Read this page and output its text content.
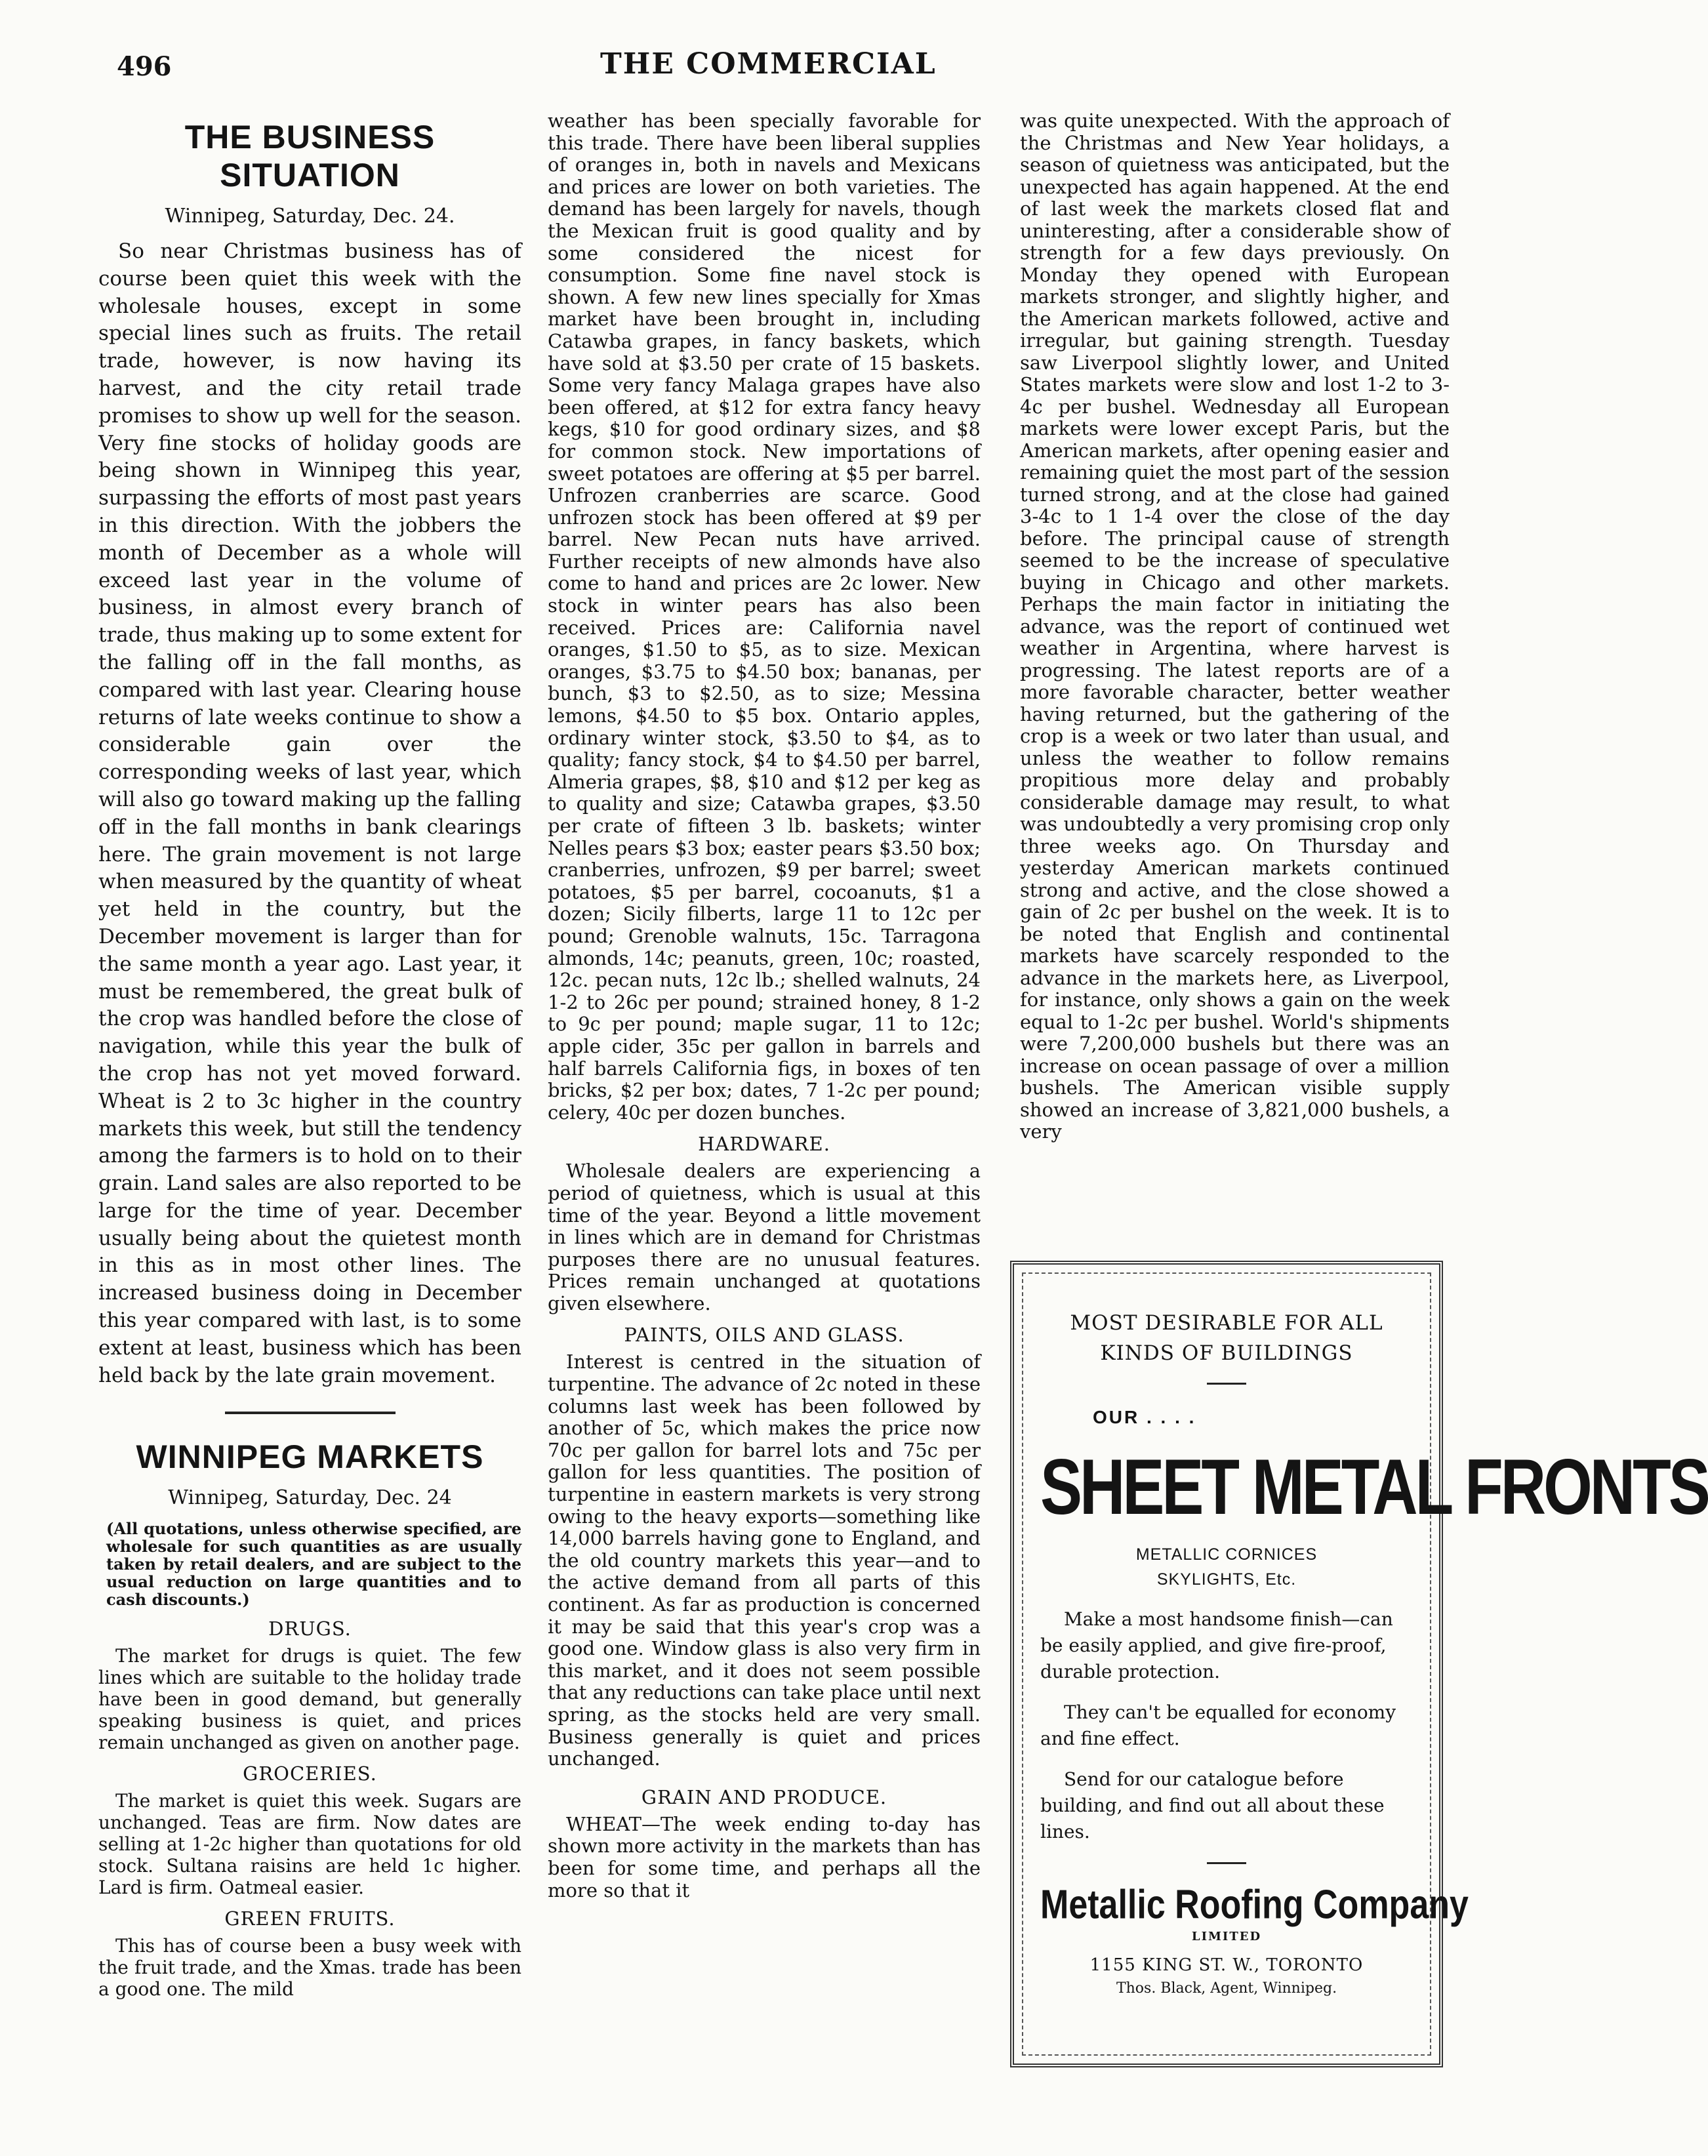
496	THE COMMERCIAL
THE BUSINESS SITUATION

Winnipeg, Saturday, Dec. 24.

So near Christmas business has of course been quiet this week with the wholesale houses, except in some special lines such as fruits. The retail trade, however, is now having its harvest, and the city retail trade promises to show up well for the season. Very fine stocks of holiday goods are being shown in Winnipeg this year, surpassing the efforts of most past years in this direction. With the jobbers the month of December as a whole will exceed last year in the volume of business, in almost every branch of trade, thus making up to some extent for the falling off in the fall months, as compared with last year. Clearing house returns of late weeks continue to show a considerable gain over the corresponding weeks of last year, which will also go toward making up the falling off in the fall months in bank clearings here. The grain movement is not large when measured by the quantity of wheat yet held in the country, but the December movement is larger than for the same month a year ago. Last year, it must be remembered, the great bulk of the crop was handled before the close of navigation, while this year the bulk of the crop has not yet moved forward. Wheat is 2 to 3c higher in the country markets this week, but still the tendency among the farmers is to hold on to their grain. Land sales are also reported to be large for the time of year. December usually being about the quietest month in this as in most other lines. The increased business doing in December this year compared with last, is to some extent at least, business which has been held back by the late grain movement.

WINNIPEG MARKETS

Winnipeg, Saturday, Dec. 24

(All quotations, unless otherwise specified, are wholesale for such quantities as are usually taken by retail dealers, and are subject to the usual reduction on large quantities and to cash discounts.)

DRUGS.

The market for drugs is quiet. The few lines which are suitable to the holiday trade have been in good demand, but generally speaking business is quiet, and prices remain unchanged as given on another page.

GROCERIES.

The market is quiet this week. Sugars are unchanged. Teas are firm. Now dates are selling at 1-2c higher than quotations for old stock. Sultana raisins are held 1c higher. Lard is firm. Oatmeal easier.

GREEN FRUITS.

This has of course been a busy week with the fruit trade, and the Xmas. trade has been a good one. The mild

weather has been specially favorable for this trade. There have been liberal supplies of oranges in, both in navels and Mexicans and prices are lower on both varieties. The demand has been largely for navels, though the Mexican fruit is good quality and by some considered the nicest for consumption. Some fine navel stock is shown. A few new lines specially for Xmas market have been brought in, including Catawba grapes, in fancy baskets, which have sold at $3.50 per crate of 15 baskets. Some very fancy Malaga grapes have also been offered, at $12 for extra fancy heavy kegs, $10 for good ordinary sizes, and $8 for common stock. New importations of sweet potatoes are offering at $5 per barrel. Unfrozen cranberries are scarce. Good unfrozen stock has been offered at $9 per barrel. New Pecan nuts have arrived. Further receipts of new almonds have also come to hand and prices are 2c lower. New stock in winter pears has also been received. Prices are: California navel oranges, $1.50 to $5, as to size. Mexican oranges, $3.75 to $4.50 box; bananas, per bunch, $3 to $2.50, as to size; Messina lemons, $4.50 to $5 box. Ontario apples, ordinary winter stock, $3.50 to $4, as to quality; fancy stock, $4 to $4.50 per barrel, Almeria grapes, $8, $10 and $12 per keg as to quality and size; Catawba grapes, $3.50 per crate of fifteen 3 lb. baskets; winter Nelles pears $3 box; easter pears $3.50 box; cranberries, unfrozen, $9 per barrel; sweet potatoes, $5 per barrel, cocoanuts, $1 a dozen; Sicily filberts, large 11 to 12c per pound; Grenoble walnuts, 15c. Tarragona almonds, 14c; peanuts, green, 10c; roasted, 12c. pecan nuts, 12c lb.; shelled walnuts, 24 1-2 to 26c per pound; strained honey, 8 1-2 to 9c per pound; maple sugar, 11 to 12c; apple cider, 35c per gallon in barrels and half barrels California figs, in boxes of ten bricks, $2 per box; dates, 7 1-2c per pound; celery, 40c per dozen bunches.

HARDWARE.

Wholesale dealers are experiencing a period of quietness, which is usual at this time of the year. Beyond a little movement in lines which are in demand for Christmas purposes there are no unusual features. Prices remain unchanged at quotations given elsewhere.

PAINTS, OILS AND GLASS.

Interest is centred in the situation of turpentine. The advance of 2c noted in these columns last week has been followed by another of 5c, which makes the price now 70c per gallon for barrel lots and 75c per gallon for less quantities. The position of turpentine in eastern markets is very strong owing to the heavy exports—something like 14,000 barrels having gone to England, and the old country markets this year—and to the active demand from all parts of this continent. As far as production is concerned it may be said that this year's crop was a good one. Window glass is also very firm in this market, and it does not seem possible that any reductions can take place until next spring, as the stocks held are very small. Business generally is quiet and prices unchanged.

GRAIN AND PRODUCE.

WHEAT—The week ending to-day has shown more activity in the markets than has been for some time, and perhaps all the more so that it

was quite unexpected. With the approach of the Christmas and New Year holidays, a season of quietness was anticipated, but the unexpected has again happened. At the end of last week the markets closed flat and uninteresting, after a considerable show of strength for a few days previously. On Monday they opened with European markets stronger, and slightly higher, and the American markets followed, active and irregular, but gaining strength. Tuesday saw Liverpool slightly lower, and United States markets were slow and lost 1-2 to 3-4c per bushel. Wednesday all European markets were lower except Paris, but the American markets, after opening easier and remaining quiet the most part of the session turned strong, and at the close had gained 3-4c to 1 1-4 over the close of the day before. The principal cause of strength seemed to be the increase of speculative buying in Chicago and other markets. Perhaps the main factor in initiating the advance, was the report of continued wet weather in Argentina, where harvest is progressing. The latest reports are of a more favorable character, better weather having returned, but the gathering of the crop is a week or two later than usual, and unless the weather to follow remains propitious more delay and probably considerable damage may result, to what was undoubtedly a very promising crop only three weeks ago. On Thursday and yesterday American markets continued strong and active, and the close showed a gain of 2c per bushel on the week. It is to be noted that English and continental markets have scarcely responded to the advance in the markets here, as Liverpool, for instance, only shows a gain on the week equal to 1-2c per bushel. World's shipments were 7,200,000 bushels but there was an increase on ocean passage of over a million bushels. The American visible supply showed an increase of 3,821,000 bushels, a very

MOST DESIRABLE FOR ALL KINDS OF BUILDINGS

OUR . . . .
SHEET METAL FRONTS

METALLIC CORNICES

SKYLIGHTS, Etc.

Make a most handsome finish—can be easily applied, and give fire-proof, durable protection.

They can't be equalled for economy and fine effect.

Send for our catalogue before building, and find out all about these lines.

Metallic Roofing Company

LIMITED

1155 KING ST. W., TORONTO

Thos. Black, Agent, Winnipeg.
